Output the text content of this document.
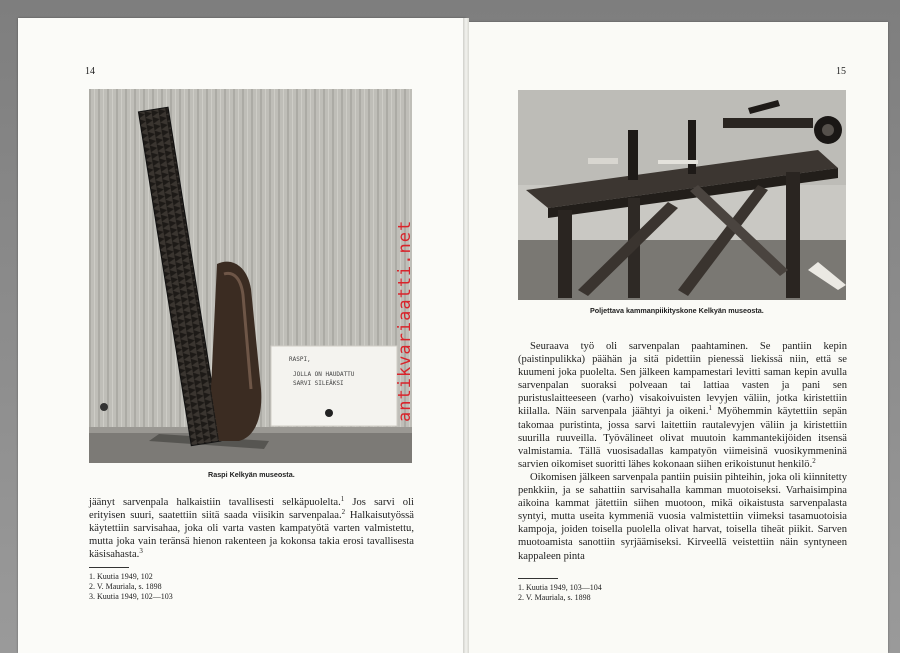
14
RASPI,
JOLLA ON HAUDATTU
SARVI SILEÄKSI
Raspi Kelkyän museosta.

jäänyt sarvenpala halkaistiin tavallisesti selkäpuolelta.$^1$ Jos sarvi oli erityisen suuri, saatettiin siitä saada viisikin sarvenpalaa.$^2$ Halkaisutyössä käytettiin sarvisahaa, joka oli varta vasten kampatyötä varten valmistettu, mutta joka vain teränsä hienon rakenteen ja kokonsa takia erosi tavallisesta käsisahasta.$^3$

1. Kuutia 1949, 102
2. V. Mauriala, s. 1898
3. Kuutia 1949, 102—103
antikvariaatti.net
15
Poljettava kammanpiikityskone Kelkyän museosta.

Seuraava työ oli sarvenpalan paahtaminen. Se pantiin kepin (paistinpulikka) päähän ja sitä pidettiin pienessä liekissä niin, että se kuumeni joka puolelta. Sen jälkeen kampamestari levitti saman kepin avulla sarvenpalan suoraksi polveaan tai lattiaa vasten ja pani sen puristuslaitteeseen (varho) visakoivuisten levyjen väliin, jotka kiristettiin kiilalla. Näin sarvenpala jäähtyi ja oikeni.$^1$ Myöhemmin käytettiin sepän takomaa puristinta, jossa sarvi laitettiin rautalevyjen väliin ja kiristettiin suurilla ruuveilla. Työvälineet olivat muutoin kammantekijöiden itsensä valmistamia. Tällä vuosisadallas kampatyön viimeisinä vuosikymmeninä sarvien oikomiset suoritti lähes kokonaan siihen erikoistunut henkilö.$^2$

Oikomisen jälkeen sarvenpala pantiin puisiin pihteihin, joka oli kiinnitetty penkkiin, ja se sahattiin sarvisahalla kamman muotoiseksi. Varhaisimpina aikoina kammat jätettiin siihen muotoon, mikä oikaistusta sarvenpalasta syntyi, mutta useita kymmeniä vuosia valmistettiin viimeksi tasamuotoisia kampoja, joiden toisella puolella olivat harvat, toisella tiheät piikit. Sarven muotoamista sanottiin syrjäämiseksi. Kirveellä veistettiin näin syntyneen kappaleen pinta

1. Kuutia 1949, 103—104
2. V. Mauriala, s. 1898
